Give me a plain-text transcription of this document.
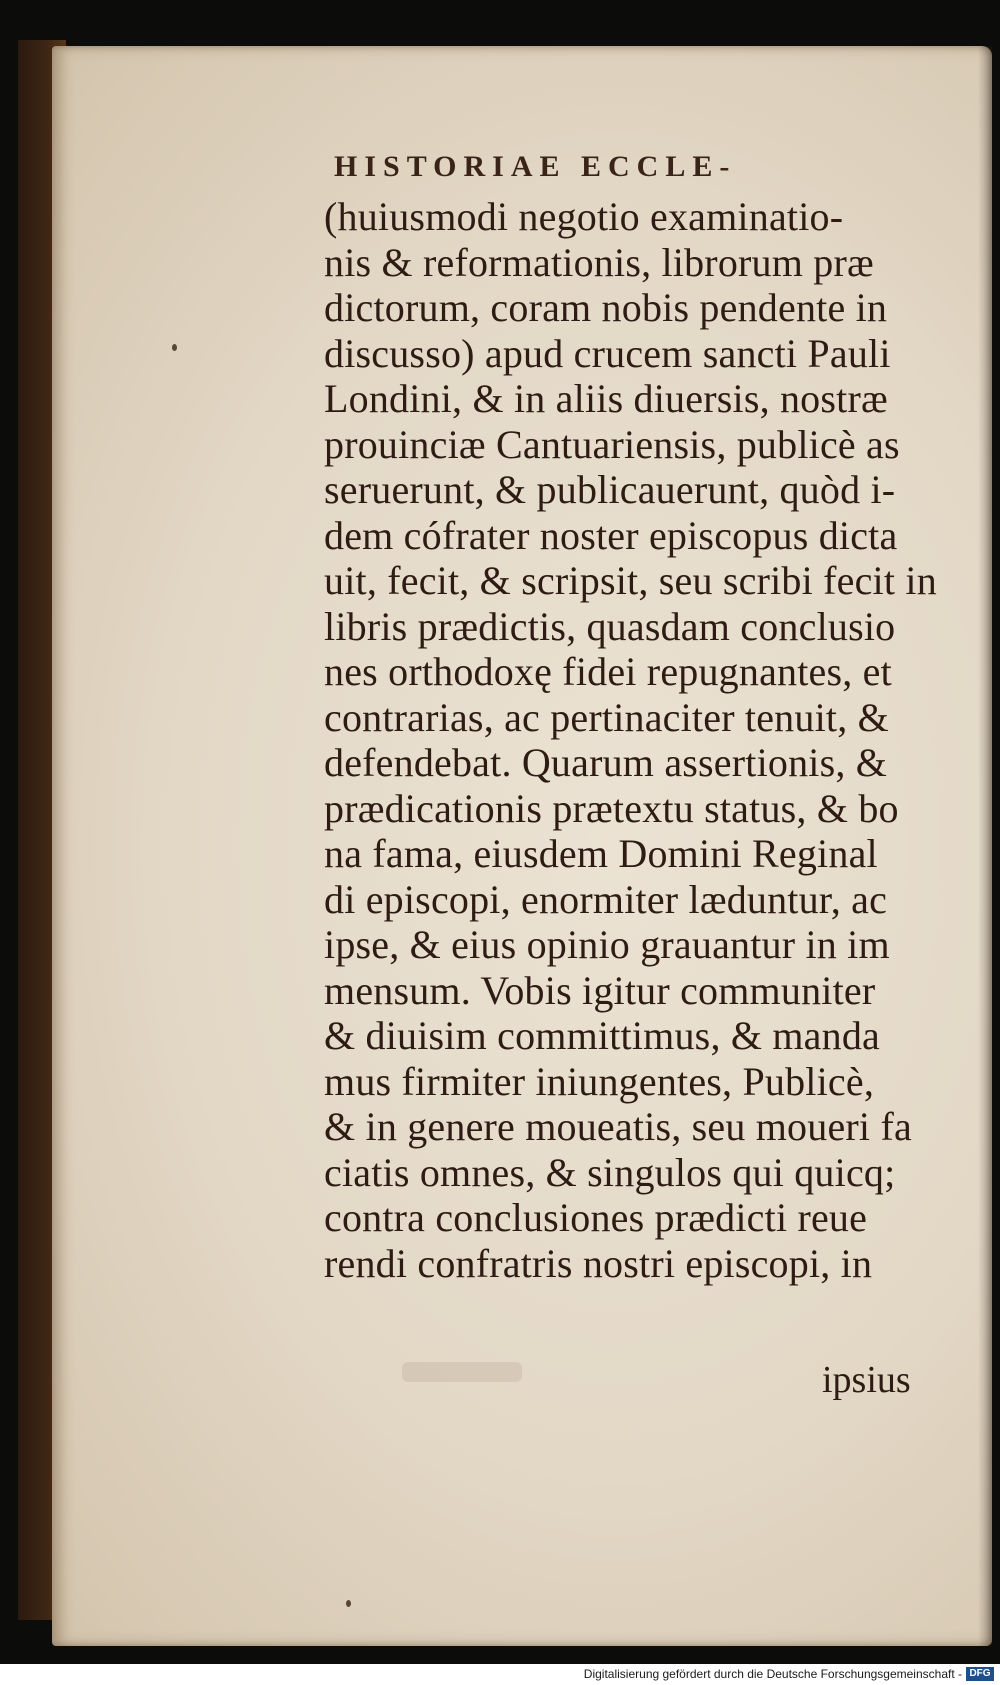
HISTORIAE ECCLE-
(huiusmodi negotio examinatio-
nis & reformationis, librorum præ
dictorum, coram nobis pendente in
discusso) apud crucem sancti Pauli
Londini, & in aliis diuersis, nostræ
prouinciæ Cantuariensis, publicè as
seruerunt, & publicauerunt, quòd i-
dem cófrater noster episcopus dicta
uit, fecit, & scripsit, seu scribi fecit in
libris prædictis, quasdam conclusio
nes orthodoxę fidei repugnantes, et
contrarias, ac pertinaciter tenuit, &
defendebat. Quarum assertionis, &
prædicationis prætextu status, & bo
na fama, eiusdem Domini Reginal
di episcopi, enormiter læduntur, ac
ipse, & eius opinio grauantur in im
mensum. Vobis igitur communiter
& diuisim committimus, & manda
mus firmiter iniungentes, Publicè,
& in genere moueatis, seu moueri fa
ciatis omnes, & singulos qui quicq;
contra conclusiones prædicti reue
rendi confratris nostri episcopi, in
ipsius
Digitalisierung gefördert durch die Deutsche Forschungsgemeinschaft - DFG
